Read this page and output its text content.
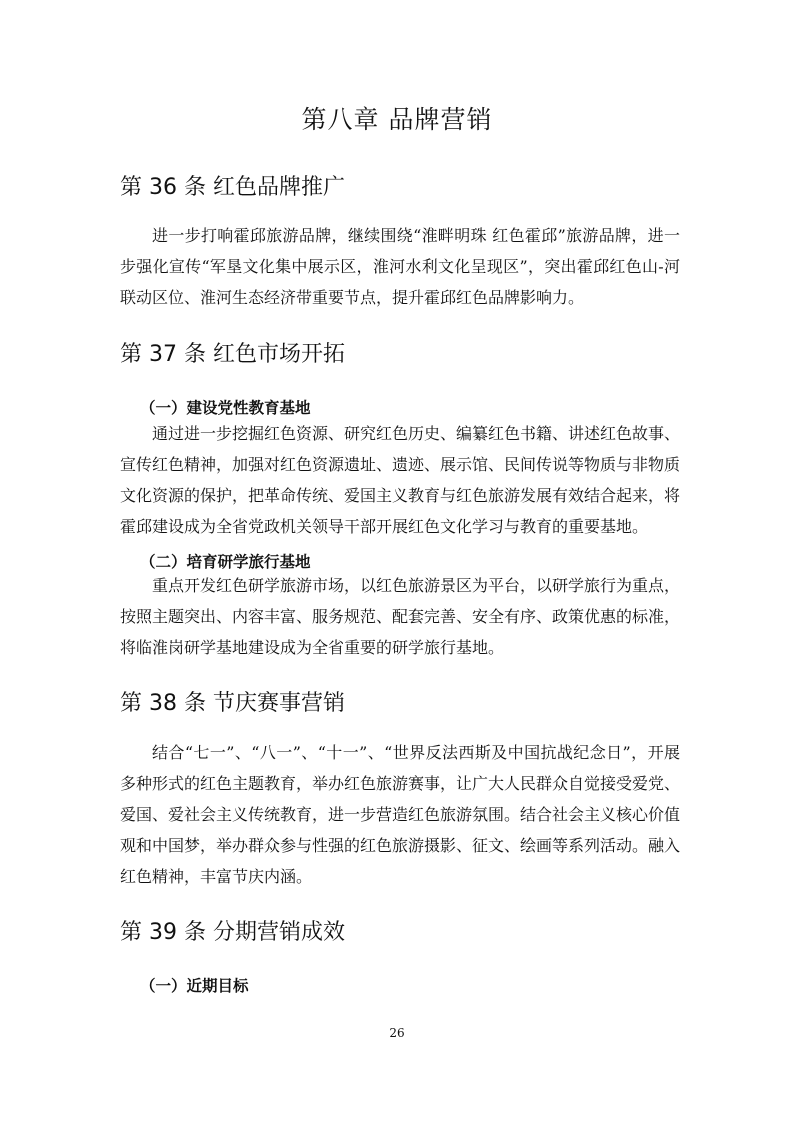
第八章 品牌营销
第 36 条 红色品牌推广

进一步打响霍邱旅游品牌，继续围绕“淮畔明珠 红色霍邱”旅游品牌，进一步强化宣传“军垦文化集中展示区，淮河水利文化呈现区”，突出霍邱红色山-河联动区位、淮河生态经济带重要节点，提升霍邱红色品牌影响力。

第 37 条 红色市场开拓
（一）建设党性教育基地

通过进一步挖掘红色资源、研究红色历史、编纂红色书籍、讲述红色故事、宣传红色精神，加强对红色资源遗址、遗迹、展示馆、民间传说等物质与非物质文化资源的保护，把革命传统、爱国主义教育与红色旅游发展有效结合起来，将霍邱建设成为全省党政机关领导干部开展红色文化学习与教育的重要基地。

（二）培育研学旅行基地

重点开发红色研学旅游市场，以红色旅游景区为平台，以研学旅行为重点，按照主题突出、内容丰富、服务规范、配套完善、安全有序、政策优惠的标准，将临淮岗研学基地建设成为全省重要的研学旅行基地。

第 38 条 节庆赛事营销

结合“七一”、“八一”、“十一”、“世界反法西斯及中国抗战纪念日”，开展多种形式的红色主题教育，举办红色旅游赛事，让广大人民群众自觉接受爱党、爱国、爱社会主义传统教育，进一步营造红色旅游氛围。结合社会主义核心价值观和中国梦，举办群众参与性强的红色旅游摄影、征文、绘画等系列活动。融入红色精神，丰富节庆内涵。

第 39 条 分期营销成效
（一）近期目标
26
